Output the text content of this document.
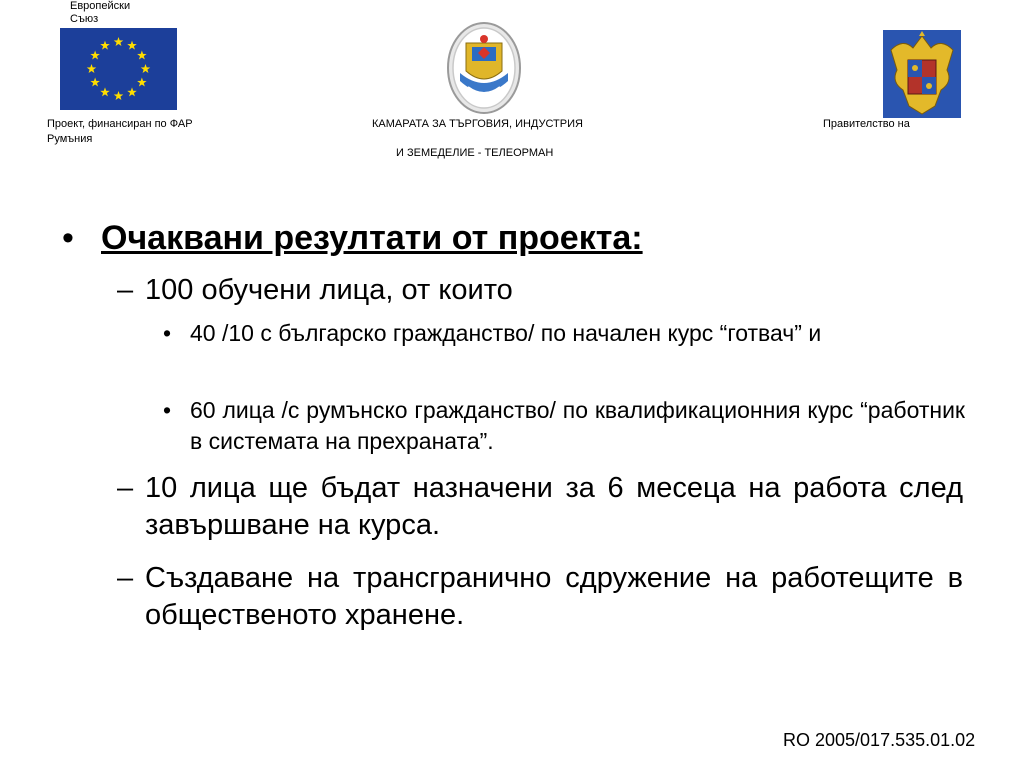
Европейски Съюз
Проект, финансиран по ФАР
Румъния
КАМАРАТА ЗА ТЪРГОВИЯ, ИНДУСТРИЯ
И ЗЕМЕДЕЛИЕ - ТЕЛЕОРМАН
Правителство на
• Очаквани резултати от проекта:
– 100 обучени лица, от които
• 40 /10 с българско гражданство/ по начален курс “готвач” и
• 60 лица /с румънско гражданство/ по квалификационния курс “работник в системата на прехраната”.
– 10 лица ще бъдат назначени за 6 месеца на работа след завършване на курса.
– Създаване на трансгранично сдружение на работещите в общественото хранене.
RO 2005/017.535.01.02
